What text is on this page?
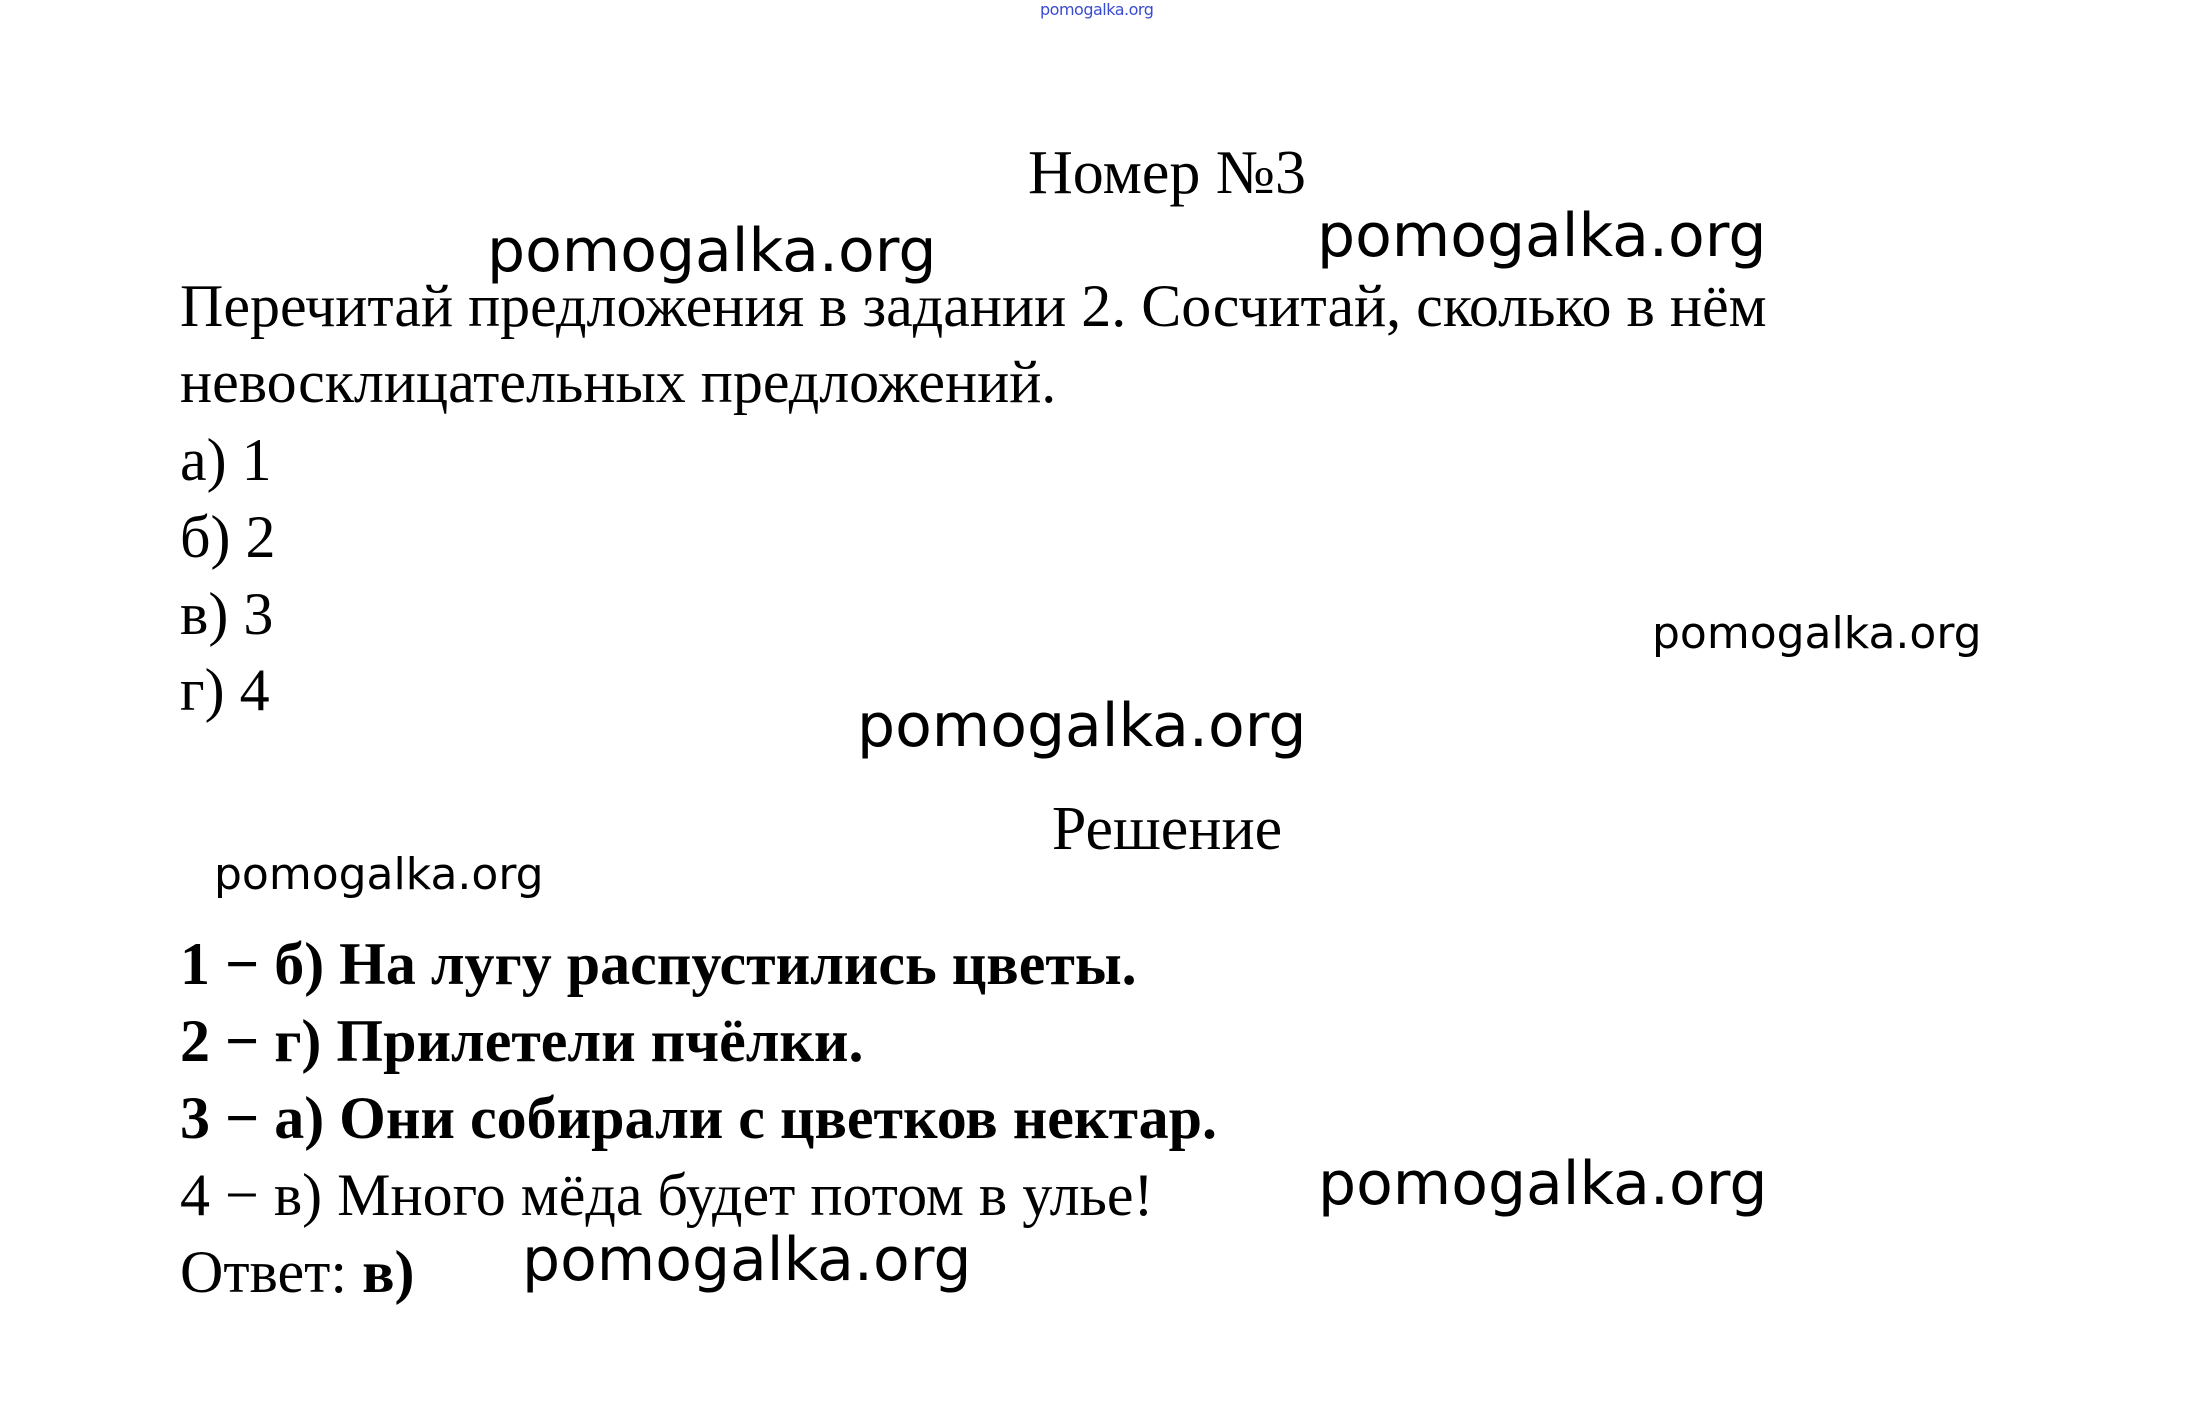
pomogalka.org
Номер №3
pomogalka.org	pomogalka.org
Перечитай предложения в задании 2. Сосчитай, сколько в нём
невосклицательных предложений.
а) 1
б) 2
в) 3
г) 4
pomogalka.org
pomogalka.org
Решение
pomogalka.org
1 − б) На лугу распустились цветы.
2 − г) Прилетели пчёлки.
3 − а) Они собирали с цветков нектар.
4 − в) Много мёда будет потом в улье!	pomogalka.org
Ответ: в) pomogalka.org
